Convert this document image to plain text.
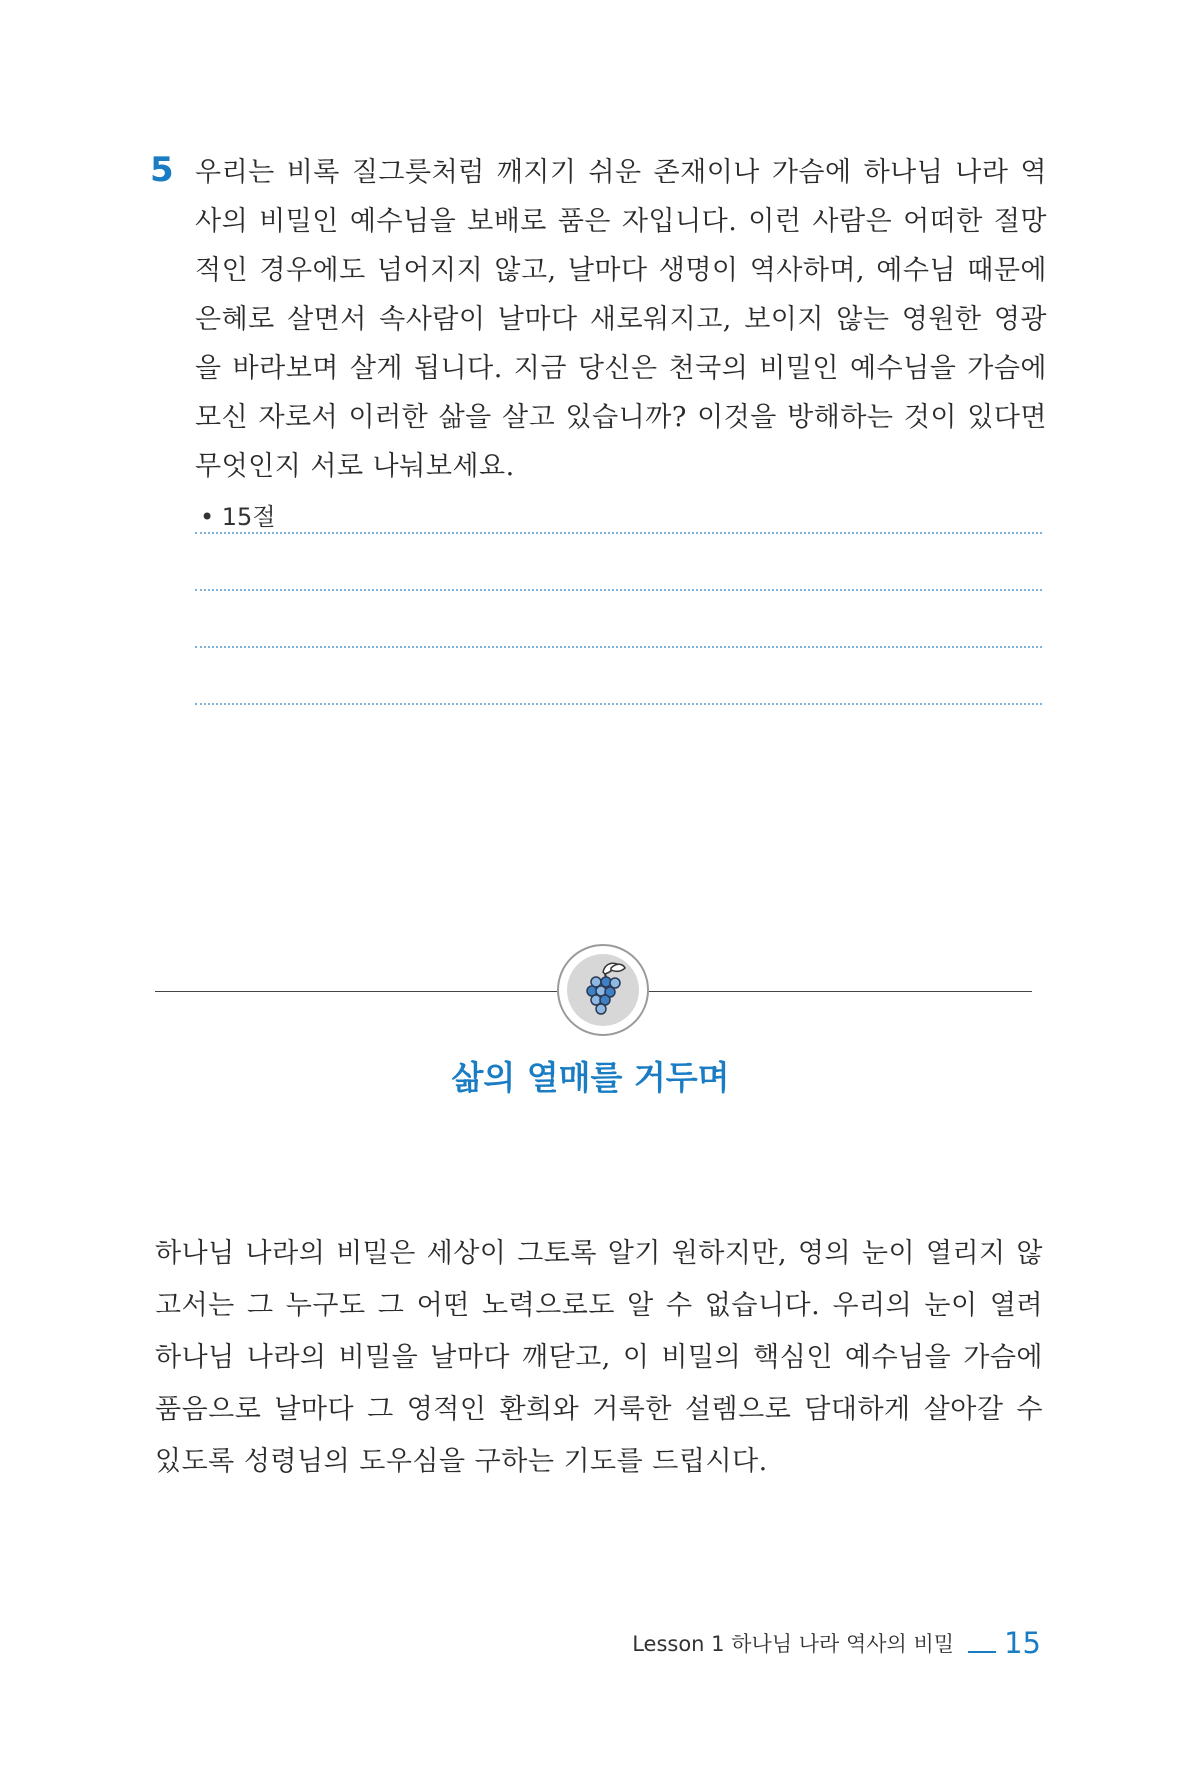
5 우리는 비록 질그릇처럼 깨지기 쉬운 존재이나 가슴에 하나님 나라 역사의 비밀인 예수님을 보배로 품은 자입니다. 이런 사람은 어떠한 절망적인 경우에도 넘어지지 않고, 날마다 생명이 역사하며, 예수님 때문에 은혜로 살면서 속사람이 날마다 새로워지고, 보이지 않는 영원한 영광을 바라보며 살게 됩니다. 지금 당신은 천국의 비밀인 예수님을 가슴에 모신 자로서 이러한 삶을 살고 있습니까? 이것을 방해하는 것이 있다면 무엇인지 서로 나눠보세요.
• 15절
삶의 열매를 거두며
하나님 나라의 비밀은 세상이 그토록 알기 원하지만, 영의 눈이 열리지 않고서는 그 누구도 그 어떤 노력으로도 알 수 없습니다. 우리의 눈이 열려 하나님 나라의 비밀을 날마다 깨닫고, 이 비밀의 핵심인 예수님을 가슴에 품음으로 날마다 그 영적인 환희와 거룩한 설렘으로 담대하게 살아갈 수 있도록 성령님의 도우심을 구하는 기도를 드립시다.
Lesson 1 하나님 나라 역사의 비밀 15
